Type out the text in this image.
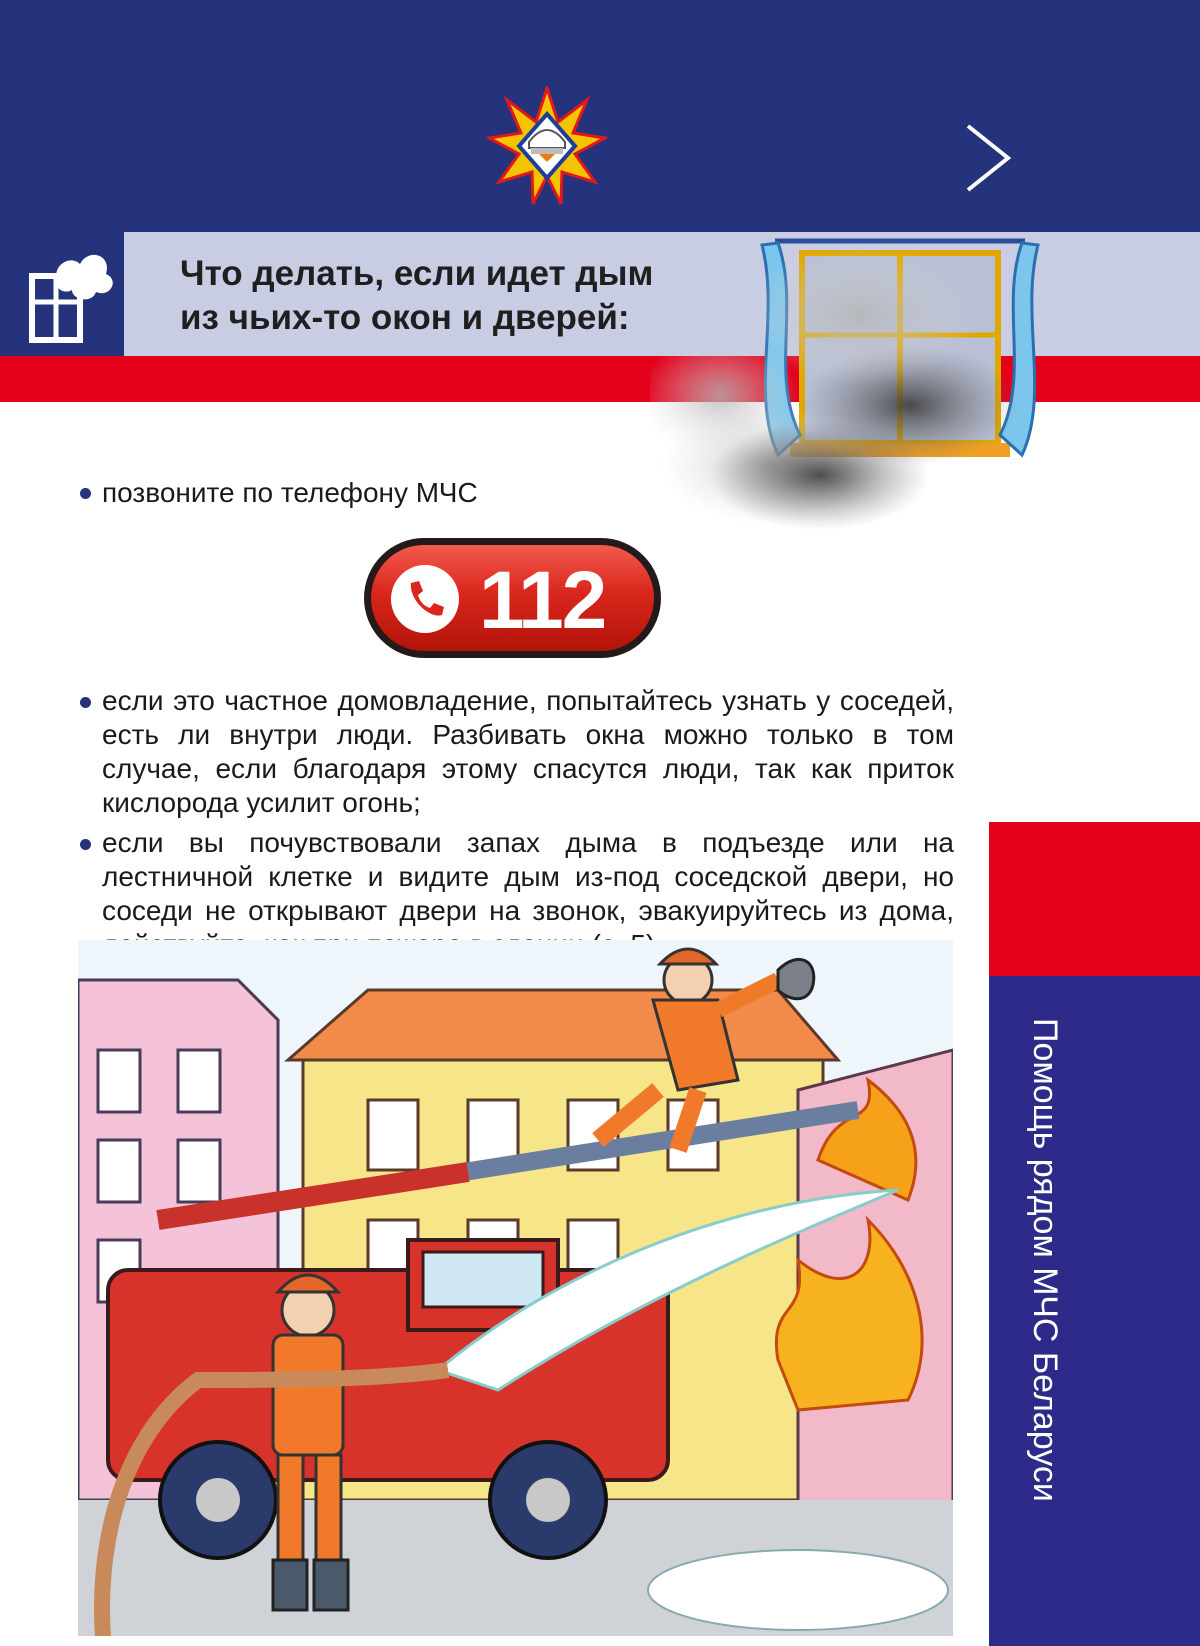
Что делать, если идет дым
из чьих-то окон и дверей:

позвоните по телефону МЧС

112

если это частное домовладение, попытайтесь узнать у соседей, есть ли внутри люди. Разбивать окна можно только в том случае, если благодаря этому спасутся люди, так как приток кислорода усилит огонь;

если вы почувствовали запах дыма в подъезде или на лестничной клетке и видите дым из-под соседской двери, но соседи не открывают двери на звонок, эвакуируйтесь из дома,

Помощь рядом МЧС Беларуси
